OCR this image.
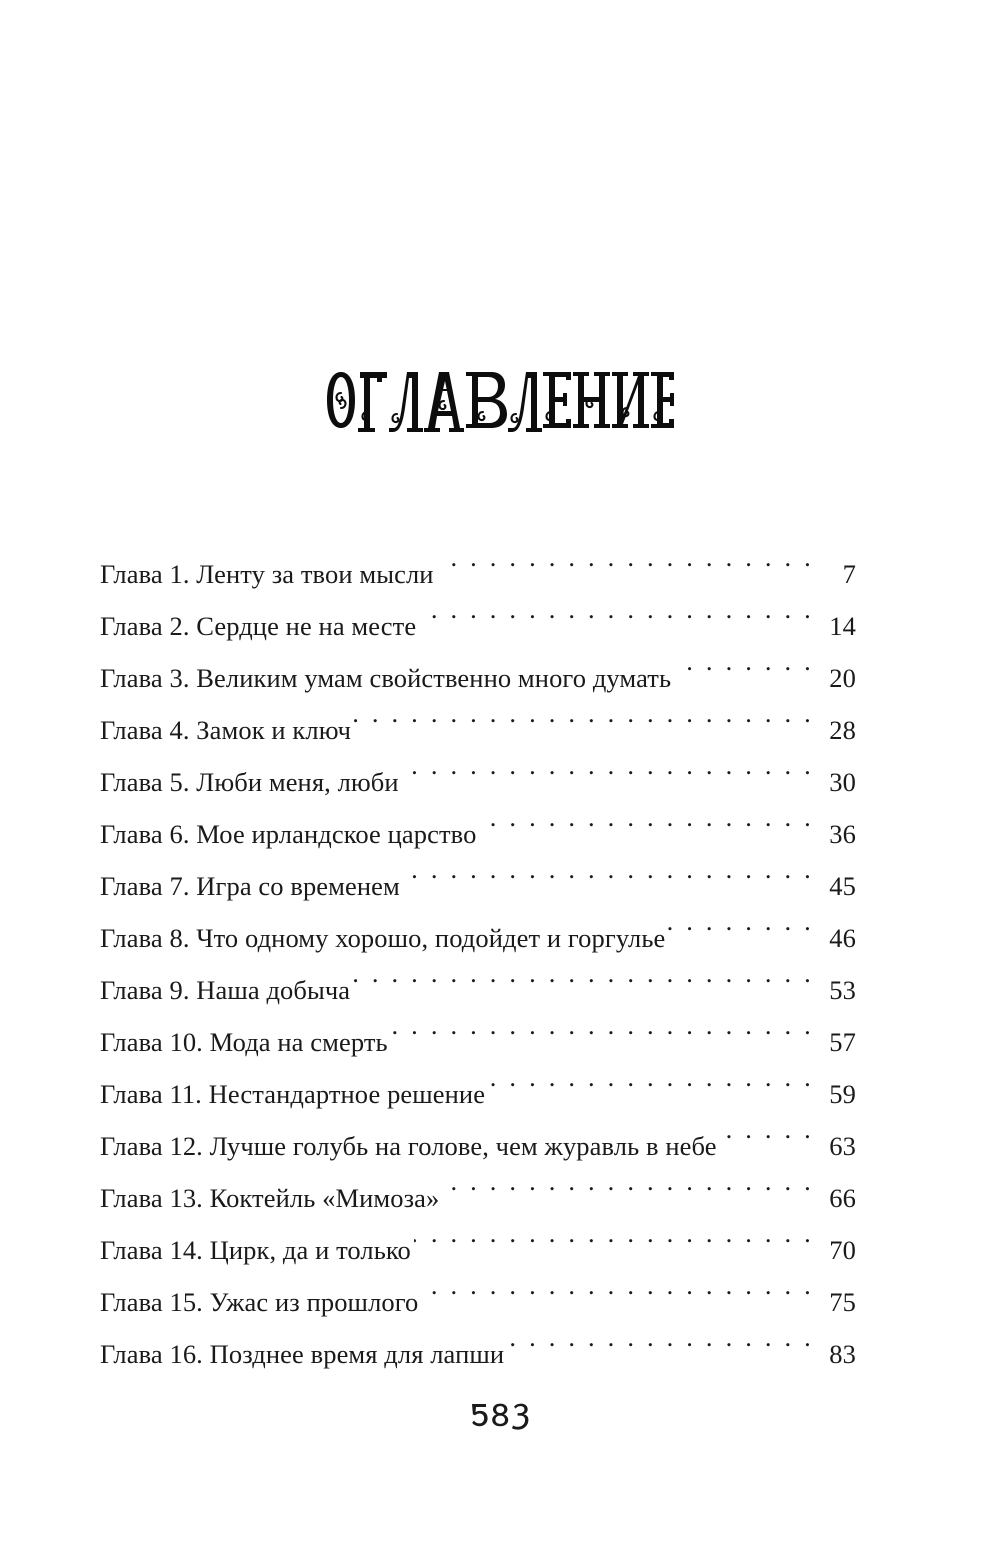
Глава 1. Ленту за твои мысли . . .	7
Глава 2. Сердце не на месте . . .	14
Глава 3. Великим умам свойственно много думать . . .	20
Глава 4. Замок и ключ . . .	28
Глава 5. Люби меня, люби . . .	30
Глава 6. Мое ирландское царство . . .	36
Глава 7. Игра со временем . . .	45
Глава 8. Что одному хорошо, подойдет и горгулье . . .	46
Глава 9. Наша добыча . . .	53
Глава 10. Мода на смерть . . .	57
Глава 11. Нестандартное решение . . .	59
Глава 12. Лучше голубь на голове, чем журавль в небе . . .	63
Глава 13. Коктейль «Мимоза» . . .	66
Глава 14. Цирк, да и только . . .	70
Глава 15. Ужас из прошлого . . .	75
Глава 16. Позднее время для лапши . . .	83
